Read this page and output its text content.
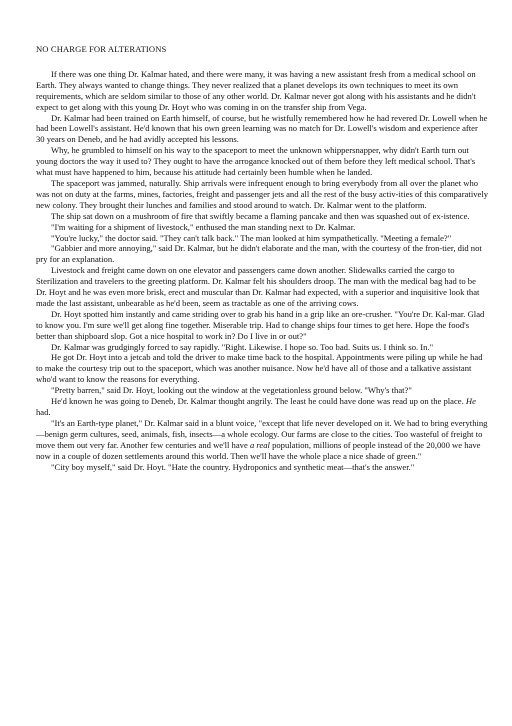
NO CHARGE FOR ALTERATIONS

If there was one thing Dr. Kalmar hated, and there were many, it was having a new assistant fresh from a medical school on Earth. They always wanted to change things. They never realized that a planet develops its own techniques to meet its own requirements, which are seldom similar to those of any other world. Dr. Kalmar never got along with his assistants and he didn't expect to get along with this young Dr. Hoyt who was coming in on the transfer ship from Vega.

Dr. Kalmar had been trained on Earth himself, of course, but he wistfully remembered how he had revered Dr. Lowell when he had been Lowell's assistant. He'd known that his own green learning was no match for Dr. Lowell's wisdom and experience after 30 years on Deneb, and he had avidly accepted his lessons.

Why, he grumbled to himself on his way to the spaceport to meet the unknown whippersnapper, why didn't Earth turn out young doctors the way it used to? They ought to have the arrogance knocked out of them before they left medical school. That's what must have happened to him, because his attitude had certainly been humble when he landed.

The spaceport was jammed, naturally. Ship arrivals were infrequent enough to bring everybody from all over the planet who was not on duty at the farms, mines, factories, freight and passenger jets and all the rest of the busy activ-ities of this comparatively new colony. They brought their lunches and families and stood around to watch. Dr. Kalmar went to the platform.

The ship sat down on a mushroom of fire that swiftly became a flaming pancake and then was squashed out of ex-istence.

"I'm waiting for a shipment of livestock," enthused the man standing next to Dr. Kalmar.

"You're lucky," the doctor said. "They can't talk back." The man looked at him sympathetically. "Meeting a female?"

"Gabbier and more annoying," said Dr. Kalmar, but he didn't elaborate and the man, with the courtesy of the fron-tier, did not pry for an explanation.

Livestock and freight came down on one elevator and passengers came down another. Slidewalks carried the cargo to Sterilization and travelers to the greeting platform. Dr. Kalmar felt his shoulders droop. The man with the medical bag had to be Dr. Hoyt and he was even more brisk, erect and muscular than Dr. Kalmar had expected, with a superior and inquisitive look that made the last assistant, unbearable as he'd been, seem as tractable as one of the arriving cows.

Dr. Hoyt spotted him instantly and came striding over to grab his hand in a grip like an ore-crusher. "You're Dr. Kal-mar. Glad to know you. I'm sure we'll get along fine together. Miserable trip. Had to change ships four times to get here. Hope the food's better than shipboard slop. Got a nice hospital to work in? Do I live in or out?"

Dr. Kalmar was grudgingly forced to say rapidly. "Right. Likewise. I hope so. Too bad. Suits us. I think so. In."

He got Dr. Hoyt into a jetcab and told the driver to make time back to the hospital. Appointments were piling up while he had to make the courtesy trip out to the spaceport, which was another nuisance. Now he'd have all of those and a talkative assistant who'd want to know the reasons for everything.

"Pretty barren," said Dr. Hoyt, looking out the window at the vegetationless ground below. "Why's that?"

He'd known he was going to Deneb, Dr. Kalmar thought angrily. The least he could have done was read up on the place. He had.

"It's an Earth-type planet," Dr. Kalmar said in a blunt voice, "except that life never developed on it. We had to bring everything—benign germ cultures, seed, animals, fish, insects—a whole ecology. Our farms are close to the cities. Too wasteful of freight to move them out very far. Another few centuries and we'll have a real population, millions of people instead of the 20,000 we have now in a couple of dozen settlements around this world. Then we'll have the whole place a nice shade of green."

"City boy myself," said Dr. Hoyt. "Hate the country. Hydroponics and synthetic meat—that's the answer."
